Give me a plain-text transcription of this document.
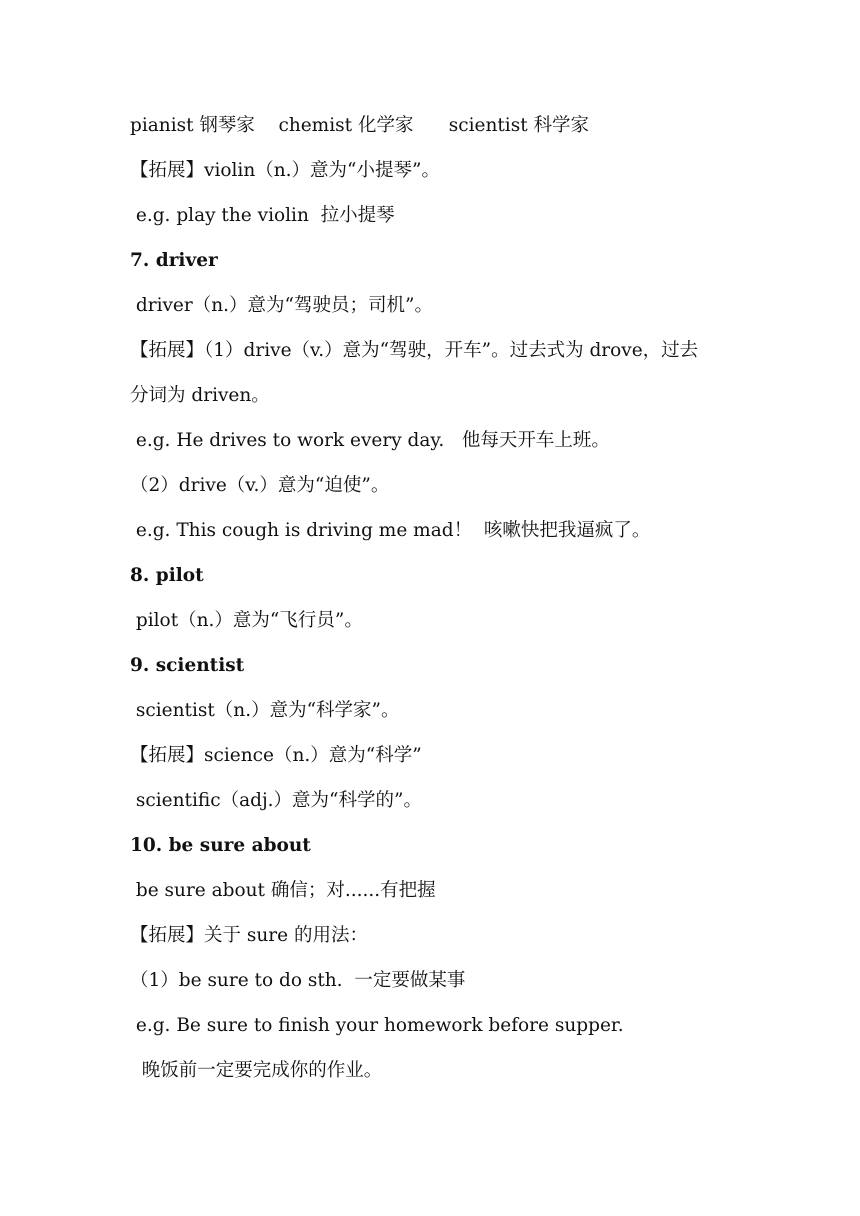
pianist 钢琴家    chemist 化学家      scientist 科学家
【拓展】violin（n.）意为“小提琴”。
e.g. play the violin  拉小提琴
7. driver
driver（n.）意为“驾驶员；司机”。
【拓展】（1）drive（v.）意为“驾驶，开车”。过去式为 drove，过去
分词为 driven。
e.g. He drives to work every day.   他每天开车上班。
（2）drive（v.）意为“迫使”。
e.g. This cough is driving me mad！  咳嗽快把我逼疯了。
8. pilot
pilot（n.）意为“飞行员”。
9. scientist
scientist（n.）意为“科学家”。
【拓展】science（n.）意为“科学”
scientific（adj.）意为“科学的”。
10. be sure about
be sure about 确信；对......有把握
【拓展】关于 sure 的用法：
（1）be sure to do sth.  一定要做某事
e.g. Be sure to finish your homework before supper.
晚饭前一定要完成你的作业。
